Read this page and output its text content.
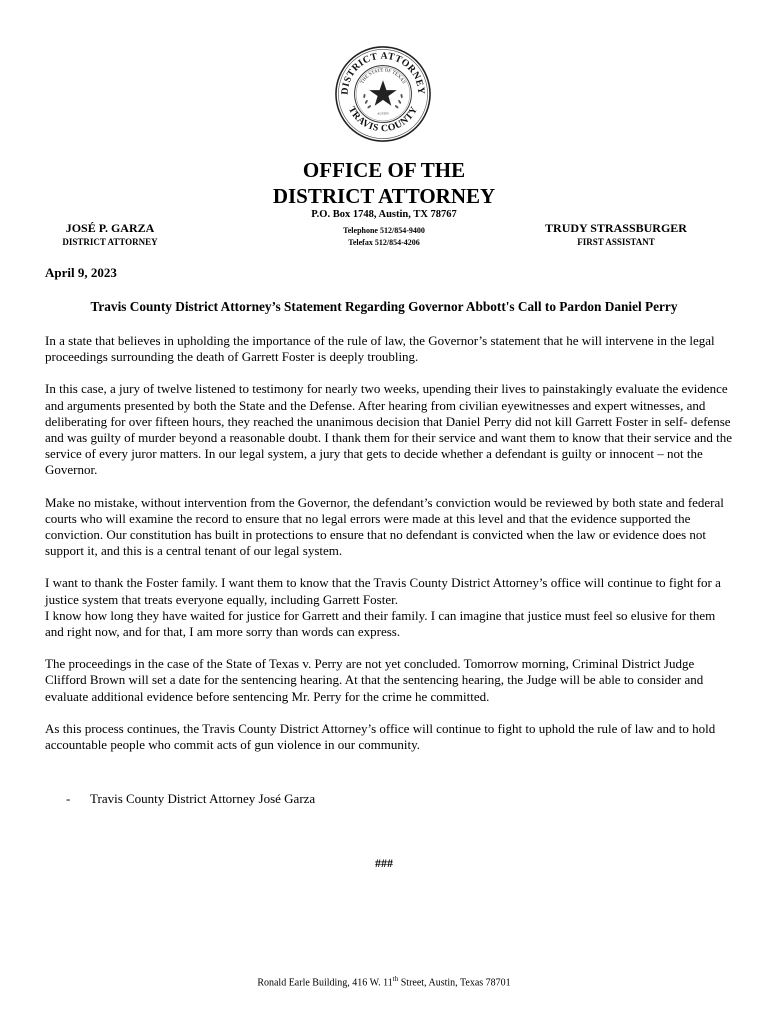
DISTRICT ATTORNEY
TRAVIS COUNTY
THE STATE OF TEXAS
AUSTIN
OFFICE OF THE
DISTRICT ATTORNEY
P.O. Box 1748, Austin, TX 78767
Telephone 512/854-9400
Telefax 512/854-4206
JOSÉ P. GARZA
DISTRICT ATTORNEY
TRUDY STRASSBURGER
FIRST ASSISTANT
April 9, 2023
Travis County District Attorney’s Statement Regarding Governor Abbott's Call to Pardon Daniel Perry

In a state that believes in upholding the importance of the rule of law, the Governor’s statement that he will intervene in the legal proceedings surrounding the death of Garrett Foster is deeply troubling.

In this case, a jury of twelve listened to testimony for nearly two weeks, upending their lives to painstakingly evaluate the evidence and arguments presented by both the State and the Defense. After hearing from civilian eyewitnesses and expert witnesses, and deliberating for over fifteen hours, they reached the unanimous decision that Daniel Perry did not kill Garrett Foster in self- defense and was guilty of murder beyond a reasonable doubt. I thank them for their service and want them to know that their service and the service of every juror matters. In our legal system, a jury that gets to decide whether a defendant is guilty or innocent – not the Governor.

Make no mistake, without intervention from the Governor, the defendant’s conviction would be reviewed by both state and federal courts who will examine the record to ensure that no legal errors were made at this level and that the evidence supported the conviction. Our constitution has built in protections to ensure that no defendant is convicted when the law or evidence does not support it, and this is a central tenant of our legal system.

I want to thank the Foster family. I want them to know that the Travis County District Attorney’s office will continue to fight for a justice system that treats everyone equally, including Garrett Foster.
I know how long they have waited for justice for Garrett and their family. I can imagine that justice must feel so elusive for them and right now, and for that, I am more sorry than words can express.

The proceedings in the case of the State of Texas v. Perry are not yet concluded. Tomorrow morning, Criminal District Judge Clifford Brown will set a date for the sentencing hearing. At that the sentencing hearing, the Judge will be able to consider and evaluate additional evidence before sentencing Mr. Perry for the crime he committed.

As this process continues, the Travis County District Attorney’s office will continue to fight to uphold the rule of law and to hold accountable people who commit acts of gun violence in our community.

- Travis County District Attorney José Garza
###
Ronald Earle Building, 416 W. 11th Street, Austin, Texas 78701
